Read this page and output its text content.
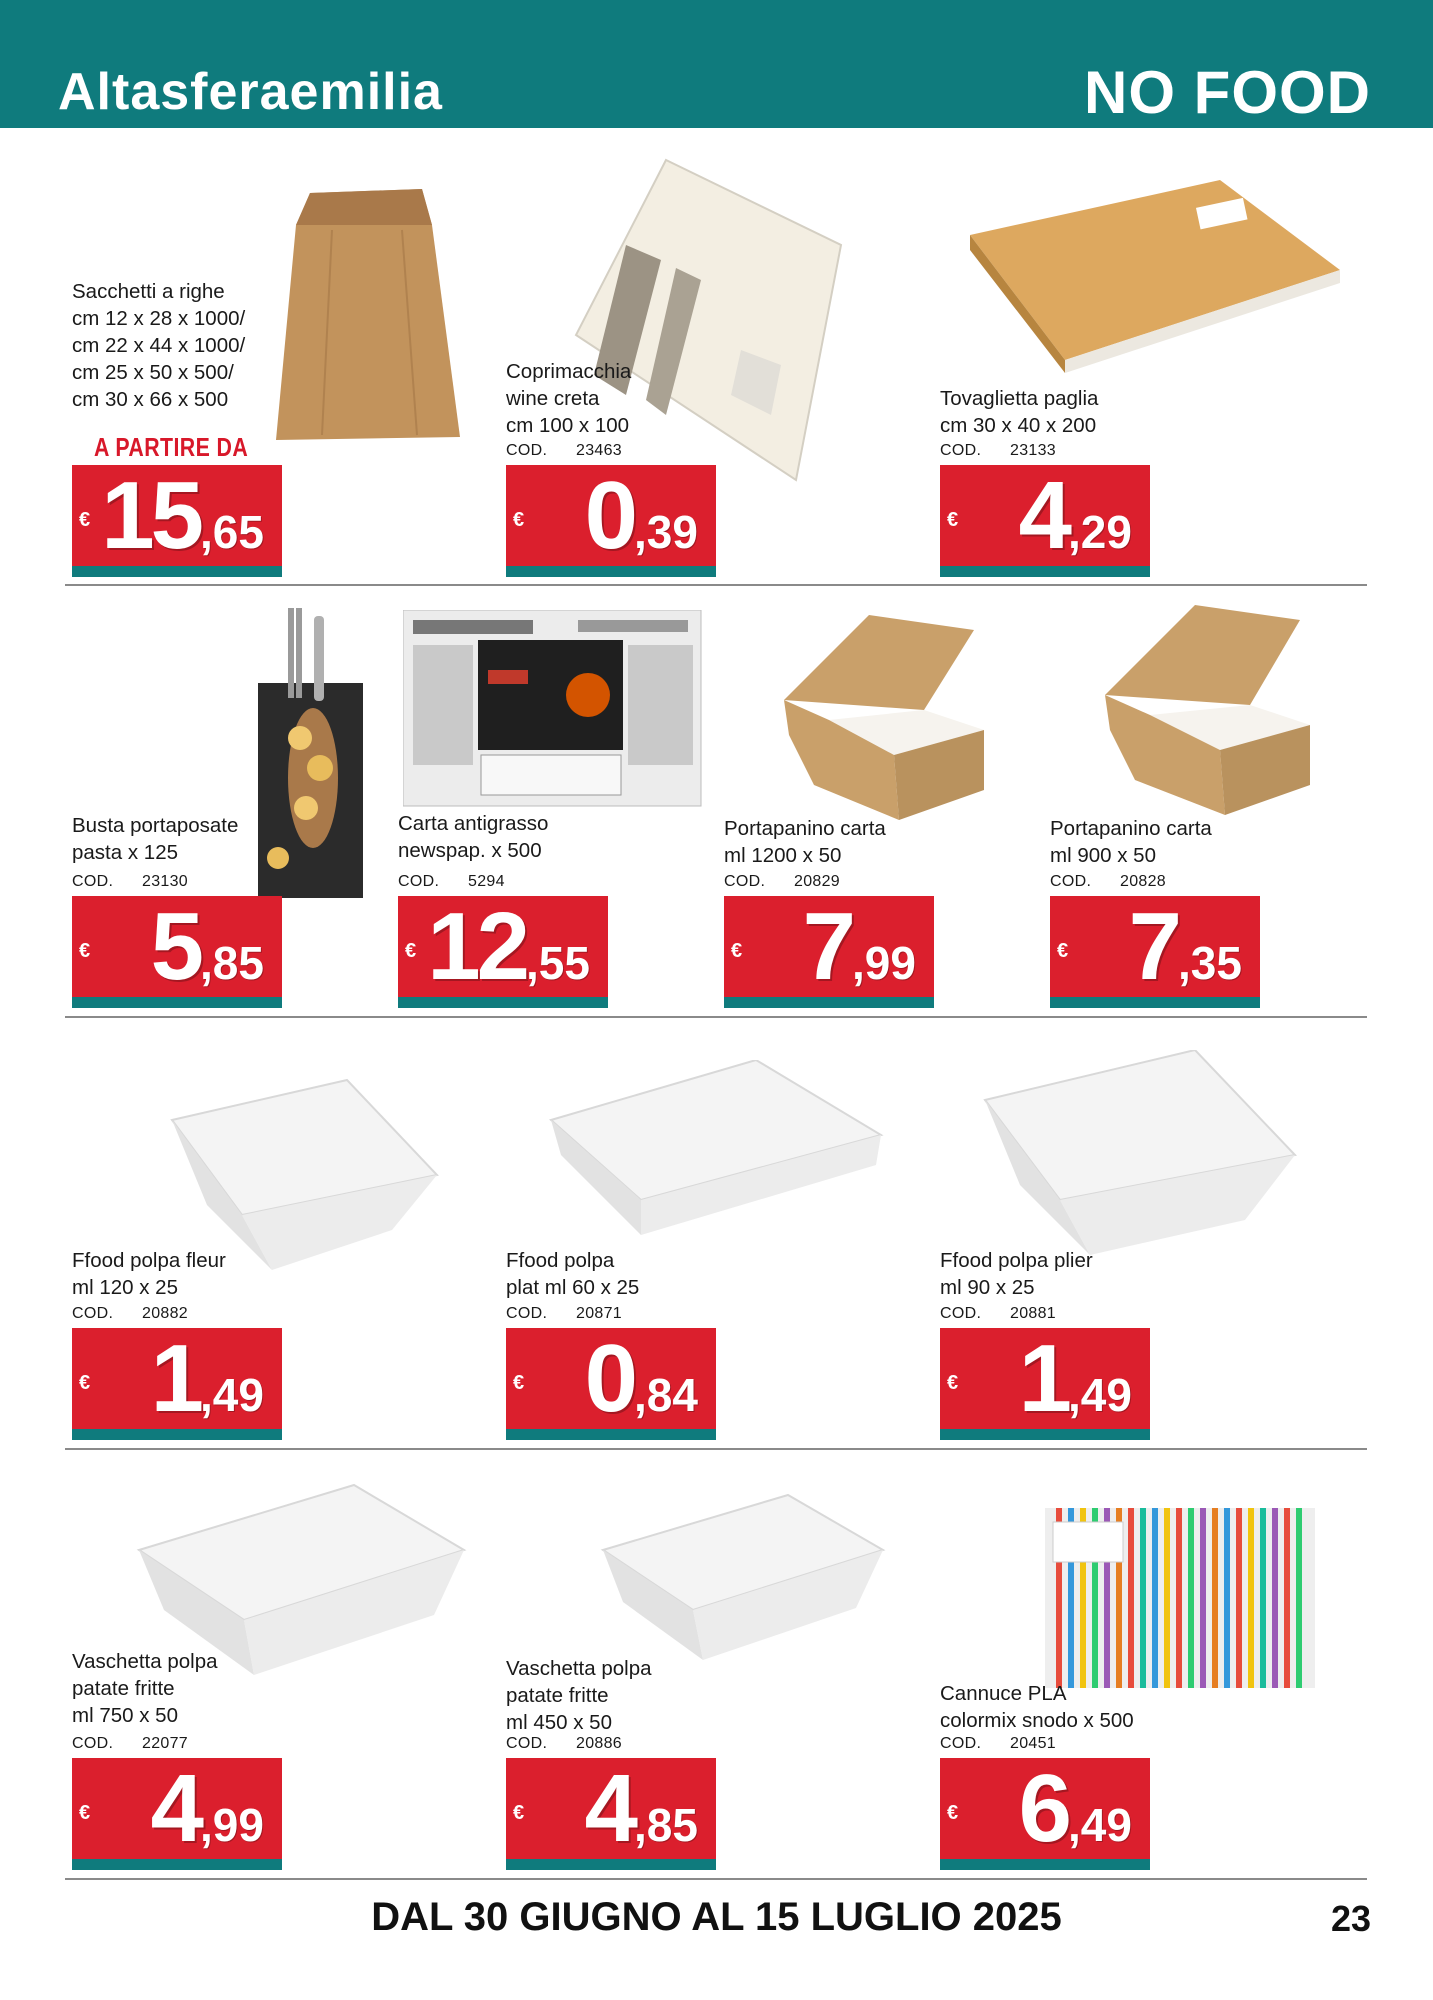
Altasferaemilia	NO FOOD
Sacchetti a righe
cm 12 x 28 x 1000/
cm 22 x 44 x 1000/
cm 25 x 50 x 500/
cm 30 x 66 x 500
A PARTIRE DA
€ 15 ,65
Coprimacchia
wine creta
cm 100 x 100
COD. 23463
€ 0 ,39
Tovaglietta paglia
cm 30 x 40 x 200
COD. 23133
€ 4 ,29
Busta portaposate
pasta x 125
COD. 23130
€ 5 ,85
Carta antigrasso
newspap. x 500
COD. 5294
€ 12 ,55
Portapanino carta
ml 1200 x 50
COD. 20829
€ 7 ,99
Portapanino carta
ml 900 x 50
COD. 20828
€ 7 ,35
Ffood polpa fleur
ml 120 x 25
COD. 20882
€ 1 ,49
Ffood polpa
plat ml 60 x 25
COD. 20871
€ 0 ,84
Ffood polpa plier
ml 90 x 25
COD. 20881
€ 1 ,49
Vaschetta polpa
patate fritte
ml 750 x 50
COD. 22077
€ 4 ,99
Vaschetta polpa
patate fritte
ml 450 x 50
COD. 20886
€ 4 ,85
Cannuce PLA
colormix snodo x 500
COD. 20451
€ 6 ,49
DAL 30 GIUGNO AL 15 LUGLIO 2025	23
